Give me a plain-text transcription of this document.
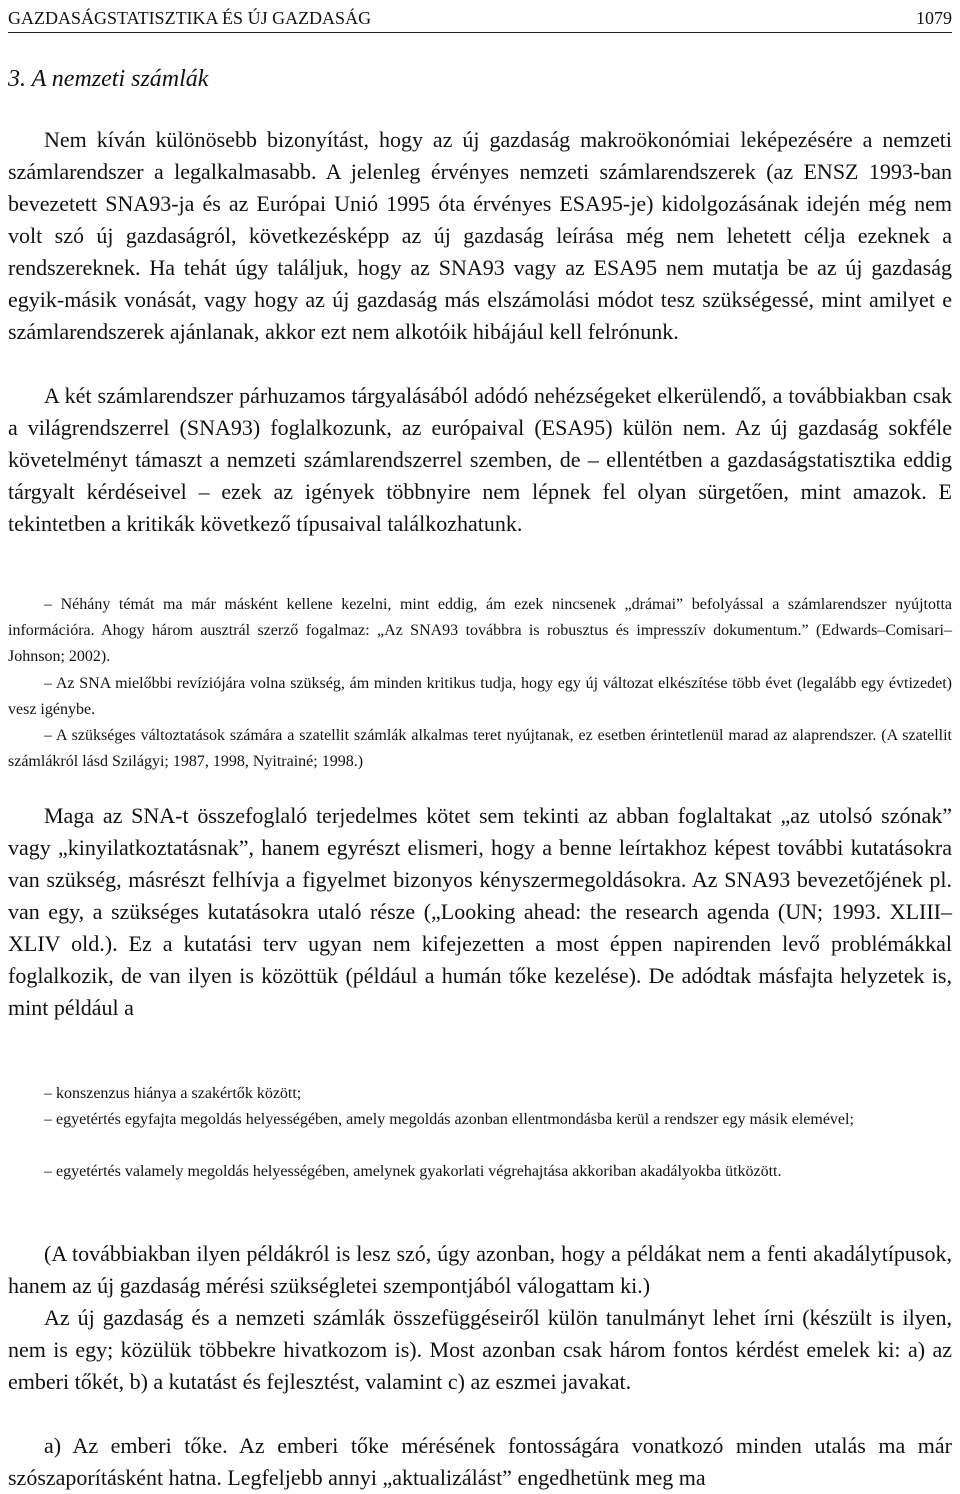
GAZDASÁGSTATISZTIKA ÉS ÚJ GAZDASÁG	1079
3. A nemzeti számlák

Nem kíván különösebb bizonyítást, hogy az új gazdaság makroökonómiai leképezésére a nemzeti számlarendszer a legalkalmasabb. A jelenleg érvényes nemzeti számlarendszerek (az ENSZ 1993-ban bevezetett SNA93-ja és az Európai Unió 1995 óta érvényes ESA95-je) kidolgozásának idején még nem volt szó új gazdaságról, következésképp az új gazdaság leírása még nem lehetett célja ezeknek a rendszereknek. Ha tehát úgy találjuk, hogy az SNA93 vagy az ESA95 nem mutatja be az új gazdaság egyik-másik vonását, vagy hogy az új gazdaság más elszámolási módot tesz szükségessé, mint amilyet e számlarendszerek ajánlanak, akkor ezt nem alkotóik hibájául kell felrónunk.

A két számlarendszer párhuzamos tárgyalásából adódó nehézségeket elkerülendő, a továbbiakban csak a világrendszerrel (SNA93) foglalkozunk, az európaival (ESA95) külön nem. Az új gazdaság sokféle követelményt támaszt a nemzeti számlarendszerrel szemben, de – ellentétben a gazdaságstatisztika eddig tárgyalt kérdéseivel – ezek az igények többnyire nem lépnek fel olyan sürgetően, mint amazok. E tekintetben a kritikák következő típusaival találkozhatunk.

– Néhány témát ma már másként kellene kezelni, mint eddig, ám ezek nincsenek „drámai” befolyással a számlarendszer nyújtotta információra. Ahogy három ausztrál szerző fogalmaz: „Az SNA93 továbbra is robusztus és impresszív dokumentum.” (Edwards–Comisari–Johnson; 2002).

– Az SNA mielőbbi revíziójára volna szükség, ám minden kritikus tudja, hogy egy új változat elkészítése több évet (legalább egy évtizedet) vesz igénybe.

– A szükséges változtatások számára a szatellit számlák alkalmas teret nyújtanak, ez esetben érintetlenül marad az alaprendszer. (A szatellit számlákról lásd Szilágyi; 1987, 1998, Nyitrainé; 1998.)

Maga az SNA-t összefoglaló terjedelmes kötet sem tekinti az abban foglaltakat „az utolsó szónak” vagy „kinyilatkoztatásnak”, hanem egyrészt elismeri, hogy a benne leírtakhoz képest további kutatásokra van szükség, másrészt felhívja a figyelmet bizonyos kényszermegoldásokra. Az SNA93 bevezetőjének pl. van egy, a szükséges kutatásokra utaló része („Looking ahead: the research agenda (UN; 1993. XLIII–XLIV old.). Ez a kutatási terv ugyan nem kifejezetten a most éppen napirenden levő problémákkal foglalkozik, de van ilyen is közöttük (például a humán tőke kezelése). De adódtak másfajta helyzetek is, mint például a

– konszenzus hiánya a szakértők között;

– egyetértés egyfajta megoldás helyességében, amely megoldás azonban ellentmondásba kerül a rendszer egy másik elemével;

– egyetértés valamely megoldás helyességében, amelynek gyakorlati végrehajtása akkoriban akadályokba ütközött.

(A továbbiakban ilyen példákról is lesz szó, úgy azonban, hogy a példákat nem a fenti akadálytípusok, hanem az új gazdaság mérési szükségletei szempontjából válogattam ki.)

Az új gazdaság és a nemzeti számlák összefüggéseiről külön tanulmányt lehet írni (készült is ilyen, nem is egy; közülük többekre hivatkozom is). Most azonban csak három fontos kérdést emelek ki: a) az emberi tőkét, b) a kutatást és fejlesztést, valamint c) az eszmei javakat.

a) Az emberi tőke. Az emberi tőke mérésének fontosságára vonatkozó minden utalás ma már szószaporításként hatna. Legfeljebb annyi „aktualizálást” engedhetünk meg ma
